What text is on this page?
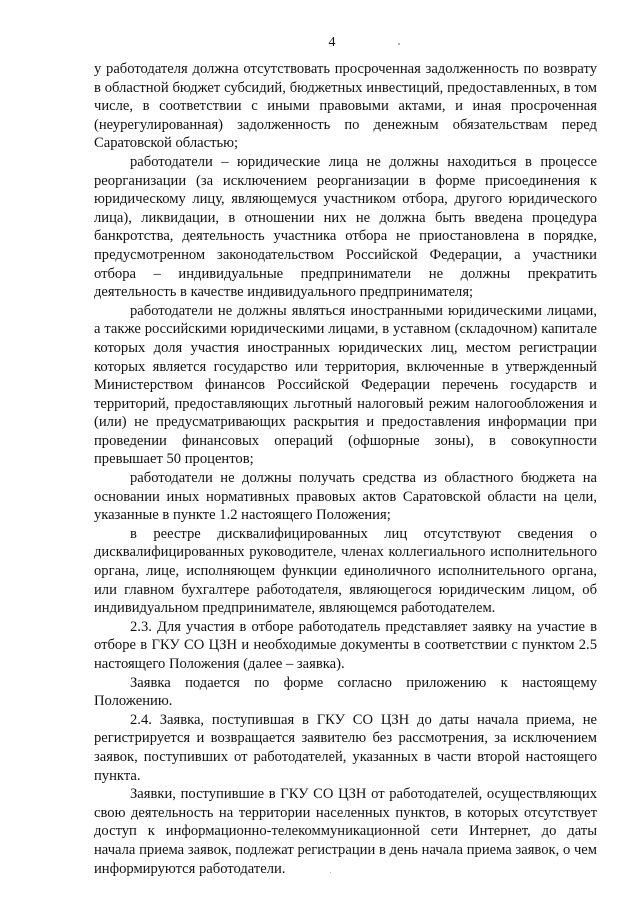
4

у работодателя должна отсутствовать просроченная задолженность по возврату в областной бюджет субсидий, бюджетных инвестиций, предоставленных, в том числе, в соответствии с иными правовыми актами, и иная просроченная (неурегулированная) задолженность по денежным обязательствам перед Саратовской областью;

работодатели – юридические лица не должны находиться в процессе реорганизации (за исключением реорганизации в форме присоединения к юридическому лицу, являющемуся участником отбора, другого юридического лица), ликвидации, в отношении них не должна быть введена процедура банкротства, деятельность участника отбора не приостановлена в порядке, предусмотренном законодательством Российской Федерации, а участники отбора – индивидуальные предприниматели не должны прекратить деятельность в качестве индивидуального предпринимателя;

работодатели не должны являться иностранными юридическими лицами, а также российскими юридическими лицами, в уставном (складочном) капитале которых доля участия иностранных юридических лиц, местом регистрации которых является государство или территория, включенные в утвержденный Министерством финансов Российской Федерации перечень государств и территорий, предоставляющих льготный налоговый режим налогообложения и (или) не предусматривающих раскрытия и предоставления информации при проведении финансовых операций (офшорные зоны), в совокупности превышает 50 процентов;

работодатели не должны получать средства из областного бюджета на основании иных нормативных правовых актов Саратовской области на цели, указанные в пункте 1.2 настоящего Положения;

в реестре дисквалифицированных лиц отсутствуют сведения о дисквалифицированных руководителе, членах коллегиального исполнительного органа, лице, исполняющем функции единоличного исполнительного органа, или главном бухгалтере работодателя, являющегося юридическим лицом, об индивидуальном предпринимателе, являющемся работодателем.

2.3. Для участия в отборе работодатель представляет заявку на участие в отборе в ГКУ СО ЦЗН и необходимые документы в соответствии с пунктом 2.5 настоящего Положения (далее – заявка).

Заявка подается по форме согласно приложению к настоящему Положению.

2.4. Заявка, поступившая в ГКУ СО ЦЗН до даты начала приема, не регистрируется и возвращается заявителю без рассмотрения, за исключением заявок, поступивших от работодателей, указанных в части второй настоящего пункта.

Заявки, поступившие в ГКУ СО ЦЗН от работодателей, осуществляющих свою деятельность на территории населенных пунктов, в которых отсутствует доступ к информационно-телекоммуникационной сети Интернет, до даты начала приема заявок, подлежат регистрации в день начала приема заявок, о чем информируются работодатели.
